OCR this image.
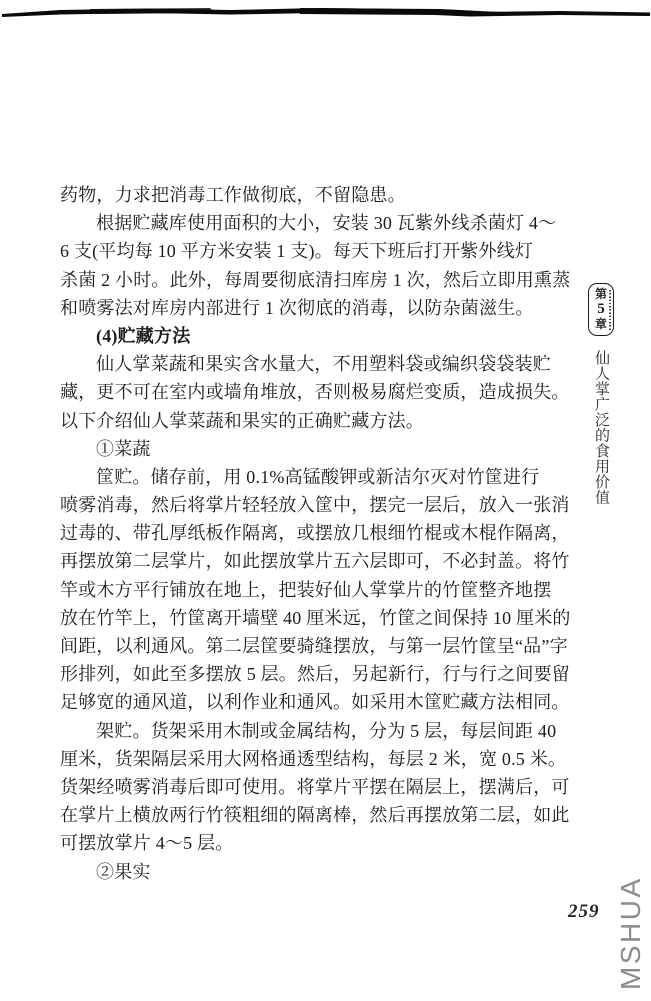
药物，力求把消毒工作做彻底，不留隐患。
根据贮藏库使用面积的大小，安装 30 瓦紫外线杀菌灯 4～
6 支(平均每 10 平方米安装 1 支)。每天下班后打开紫外线灯
杀菌 2 小时。此外，每周要彻底清扫库房 1 次，然后立即用熏蒸
和喷雾法对库房内部进行 1 次彻底的消毒，以防杂菌滋生。
(4)贮藏方法
仙人掌菜蔬和果实含水量大，不用塑料袋或编织袋袋装贮
藏，更不可在室内或墙角堆放，否则极易腐烂变质，造成损失。
以下介绍仙人掌菜蔬和果实的正确贮藏方法。
①菜蔬
筐贮。储存前，用 0.1%高锰酸钾或新洁尔灭对竹筐进行
喷雾消毒，然后将掌片轻轻放入筐中，摆完一层后，放入一张消
过毒的、带孔厚纸板作隔离，或摆放几根细竹棍或木棍作隔离，
再摆放第二层掌片，如此摆放掌片五六层即可，不必封盖。将竹
竿或木方平行铺放在地上，把装好仙人掌掌片的竹筐整齐地摆
放在竹竿上，竹筐离开墙壁 40 厘米远，竹筐之间保持 10 厘米的
间距，以利通风。第二层筐要骑缝摆放，与第一层竹筐呈“品”字
形排列，如此至多摆放 5 层。然后，另起新行，行与行之间要留
足够宽的通风道，以利作业和通风。如采用木筐贮藏方法相同。
架贮。货架采用木制或金属结构，分为 5 层，每层间距 40
厘米，货架隔层采用大网格通透型结构，每层 2 米，宽 0.5 米。
货架经喷雾消毒后即可使用。将掌片平摆在隔层上，摆满后，可
在掌片上横放两行竹筷粗细的隔离棒，然后再摆放第二层，如此
可摆放掌片 4～5 层。
②果实
第
5
章
仙人掌广泛的食用价值
259 MSHUA
